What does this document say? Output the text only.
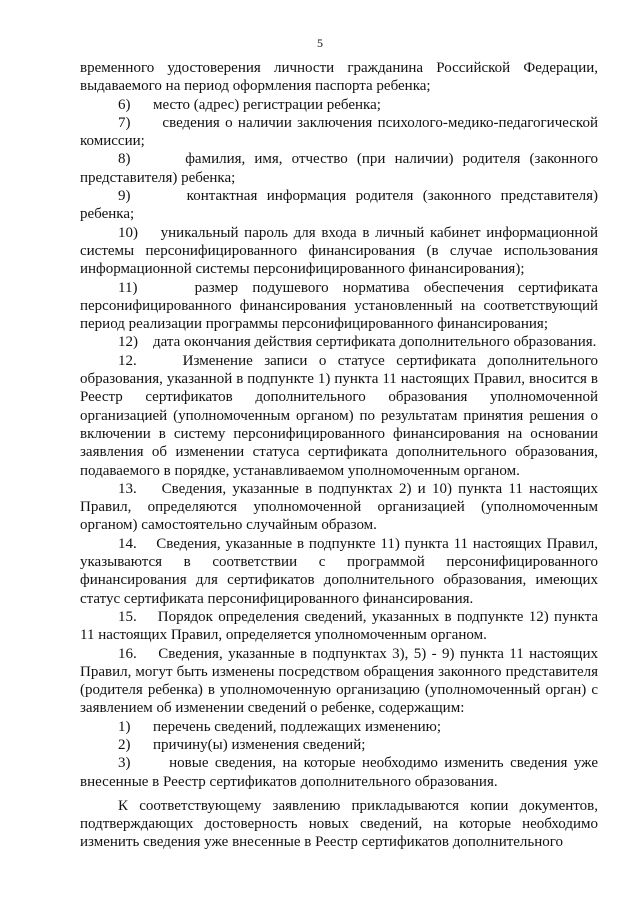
5

временного удостоверения личности гражданина Российской Федерации, выдаваемого на период оформления паспорта ребенка;

6)      место (адрес) регистрации ребенка;

7)      сведения о наличии заключения психолого-медико-педагогической комиссии;

8)      фамилия, имя, отчество (при наличии) родителя (законного представителя) ребенка;

9)      контактная информация родителя (законного представителя) ребенка;

10)    уникальный пароль для входа в личный кабинет информационной системы персонифицированного финансирования (в случае использования информационной системы персонифицированного финансирования);

11)    размер подушевого норматива обеспечения сертификата персонифицированного финансирования установленный на соответствующий период реализации программы персонифицированного финансирования;

12)    дата окончания действия сертификата дополнительного образования.

12.    Изменение записи о статусе сертификата дополнительного образования, указанной в подпункте 1) пункта 11 настоящих Правил, вносится в Реестр сертификатов дополнительного образования уполномоченной организацией (уполномоченным органом) по результатам принятия решения о включении в систему персонифицированного финансирования на основании заявления об изменении статуса сертификата дополнительного образования, подаваемого в порядке, устанавливаемом уполномоченным органом.

13.    Сведения, указанные в подпунктах 2) и 10) пункта 11 настоящих Правил, определяются уполномоченной организацией (уполномоченным органом) самостоятельно случайным образом.

14.    Сведения, указанные в подпункте 11) пункта 11 настоящих Правил, указываются в соответствии с программой персонифицированного финансирования для сертификатов дополнительного образования, имеющих статус сертификата персонифицированного финансирования.

15.    Порядок определения сведений, указанных в подпункте 12) пункта 11 настоящих Правил, определяется уполномоченным органом.

16.    Сведения, указанные в подпунктах 3), 5) - 9) пункта 11 настоящих Правил, могут быть изменены посредством обращения законного представителя (родителя ребенка) в уполномоченную организацию (уполномоченный орган) с заявлением об изменении сведений о ребенке, содержащим:

1)      перечень сведений, подлежащих изменению;

2)      причину(ы) изменения сведений;

3)      новые сведения, на которые необходимо изменить сведения уже внесенные в Реестр сертификатов дополнительного образования.

К соответствующему заявлению прикладываются копии документов, подтверждающих достоверность новых сведений, на которые необходимо изменить сведения уже внесенные в Реестр сертификатов дополнительного
